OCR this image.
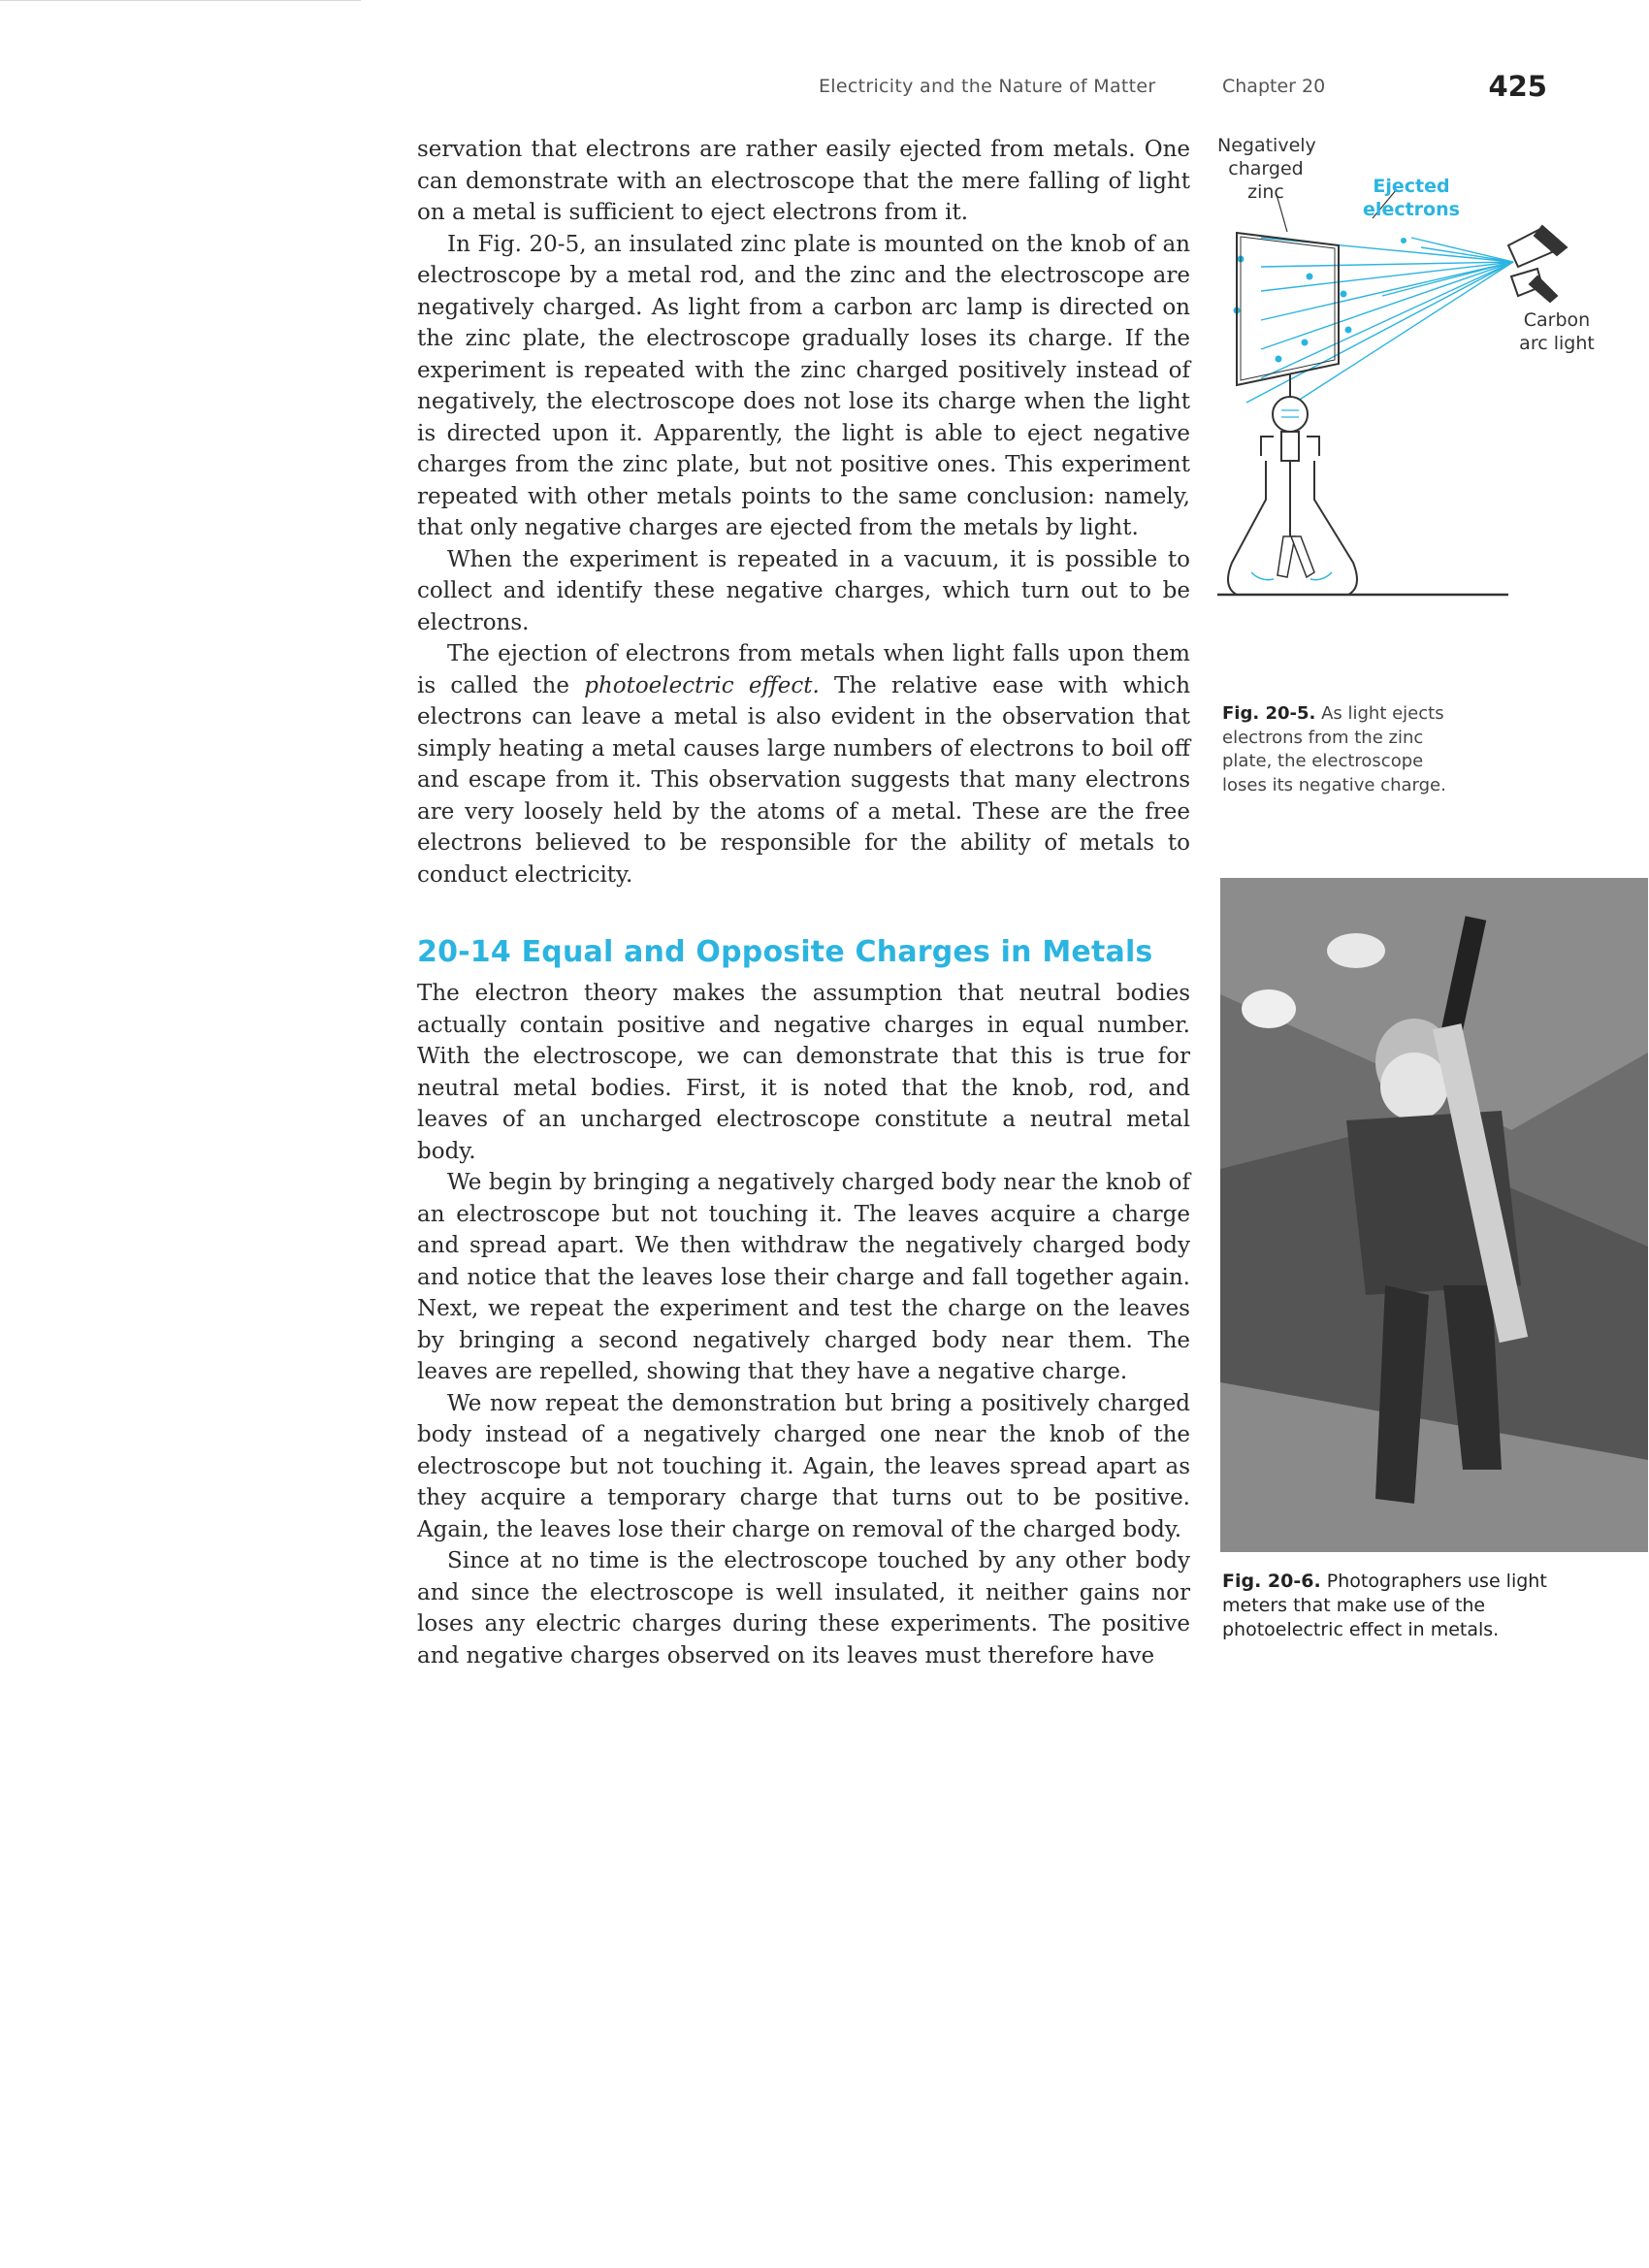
Electricity and the Nature of Matter	Chapter 20	425

servation that electrons are rather easily ejected from metals. One can demonstrate with an electroscope that the mere falling of light on a metal is sufficient to eject electrons from it.

In Fig. 20-5, an insulated zinc plate is mounted on the knob of an electroscope by a metal rod, and the zinc and the electroscope are negatively charged. As light from a carbon arc lamp is directed on the zinc plate, the electroscope gradually loses its charge. If the experiment is repeated with the zinc charged positively instead of negatively, the electroscope does not lose its charge when the light is directed upon it. Apparently, the light is able to eject negative charges from the zinc plate, but not positive ones. This experiment repeated with other metals points to the same conclusion: namely, that only negative charges are ejected from the metals by light.

When the experiment is repeated in a vacuum, it is possible to collect and identify these negative charges, which turn out to be electrons.

The ejection of electrons from metals when light falls upon them is called the photoelectric effect. The relative ease with which electrons can leave a metal is also evident in the observation that simply heating a metal causes large numbers of electrons to boil off and escape from it. This observation suggests that many electrons are very loosely held by the atoms of a metal. These are the free electrons believed to be responsible for the ability of metals to conduct electricity.

20-14 Equal and Opposite Charges in Metals

The electron theory makes the assumption that neutral bodies actually contain positive and negative charges in equal number. With the electroscope, we can demonstrate that this is true for neutral metal bodies. First, it is noted that the knob, rod, and leaves of an uncharged electroscope constitute a neutral metal body.

We begin by bringing a negatively charged body near the knob of an electroscope but not touching it. The leaves acquire a charge and spread apart. We then withdraw the negatively charged body and notice that the leaves lose their charge and fall together again. Next, we repeat the experiment and test the charge on the leaves by bringing a second negatively charged body near them. The leaves are repelled, showing that they have a negative charge.

We now repeat the demonstration but bring a positively charged body instead of a negatively charged one near the knob of the electroscope but not touching it. Again, the leaves spread apart as they acquire a temporary charge that turns out to be positive. Again, the leaves lose their charge on removal of the charged body.

Since at no time is the electroscope touched by any other body and since the electroscope is well insulated, it neither gains nor loses any electric charges during these experiments. The positive and negative charges observed on its leaves must therefore have

Negatively charged zinc	Ejected electrons
Carbon arc light
Fig. 20-5. As light ejects electrons from the zinc plate, the electroscope loses its negative charge.
Fig. 20-6. Photographers use light meters that make use of the photoelectric effect in metals.
